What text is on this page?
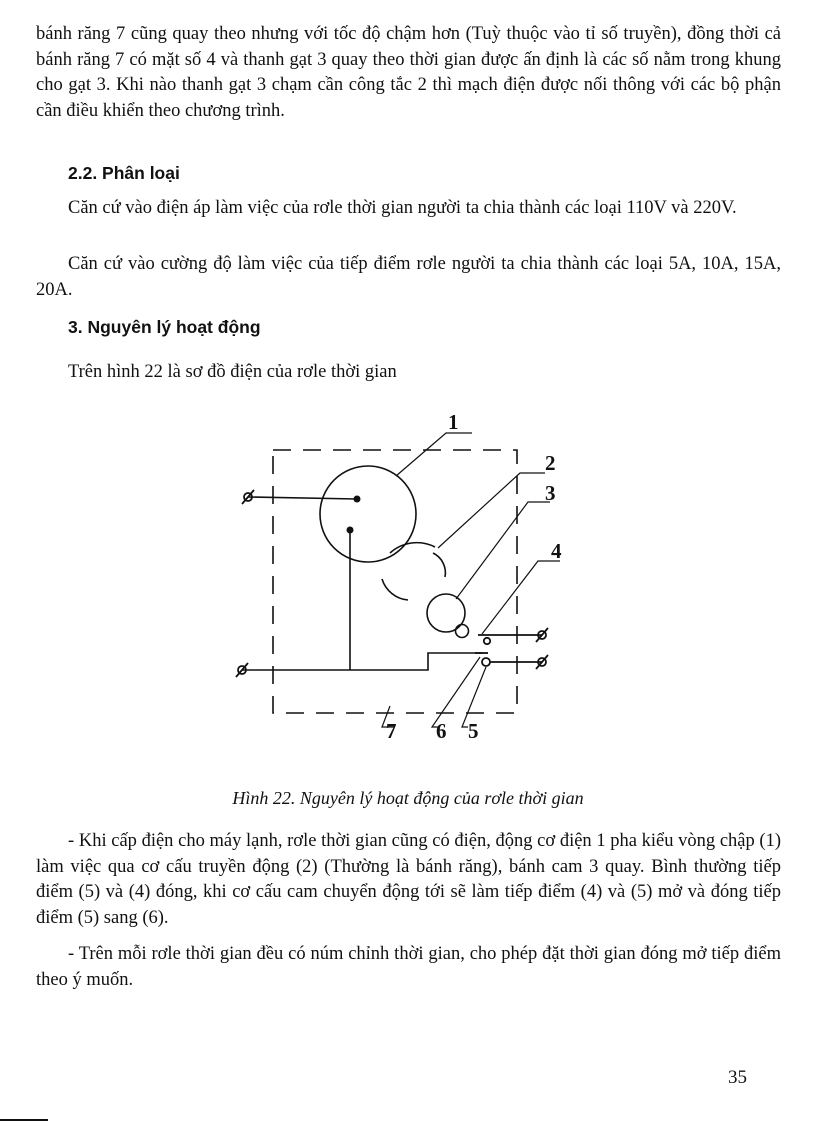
bánh răng 7 cũng quay theo nhưng với tốc độ chậm hơn (Tuỳ thuộc vào tỉ số truyền), đồng thời cả bánh răng 7 có mặt số 4 và thanh gạt 3 quay theo thời gian được ấn định là các số nằm trong khung cho gạt 3. Khi nào thanh gạt 3 chạm cần công tắc 2 thì mạch điện được nối thông với các bộ phận cần điều khiển theo chương trình.

2.2. Phân loại

Căn cứ vào điện áp làm việc của rơle thời gian người ta chia thành các loại 110V và 220V.

Căn cứ vào cường độ làm việc của tiếp điểm rơle người ta chia thành các loại 5A, 10A, 15A, 20A.

3. Nguyên lý hoạt động

Trên hình 22 là sơ đồ điện của rơle thời gian

1
2
3
4
7 6 5
Hình 22. Nguyên lý hoạt động của rơle thời gian

- Khi cấp điện cho máy lạnh, rơle thời gian cũng có điện, động cơ điện 1 pha kiểu vòng chập (1) làm việc qua cơ cấu truyền động (2) (Thường là bánh răng), bánh cam 3 quay. Bình thường tiếp điểm (5) và (4) đóng, khi cơ cấu cam chuyển động tới sẽ làm tiếp điểm (4) và (5) mở và đóng tiếp điểm (5) sang (6).

- Trên mỗi rơle thời gian đều có núm chỉnh thời gian, cho phép đặt thời gian đóng mở tiếp điểm theo ý muốn.

35
